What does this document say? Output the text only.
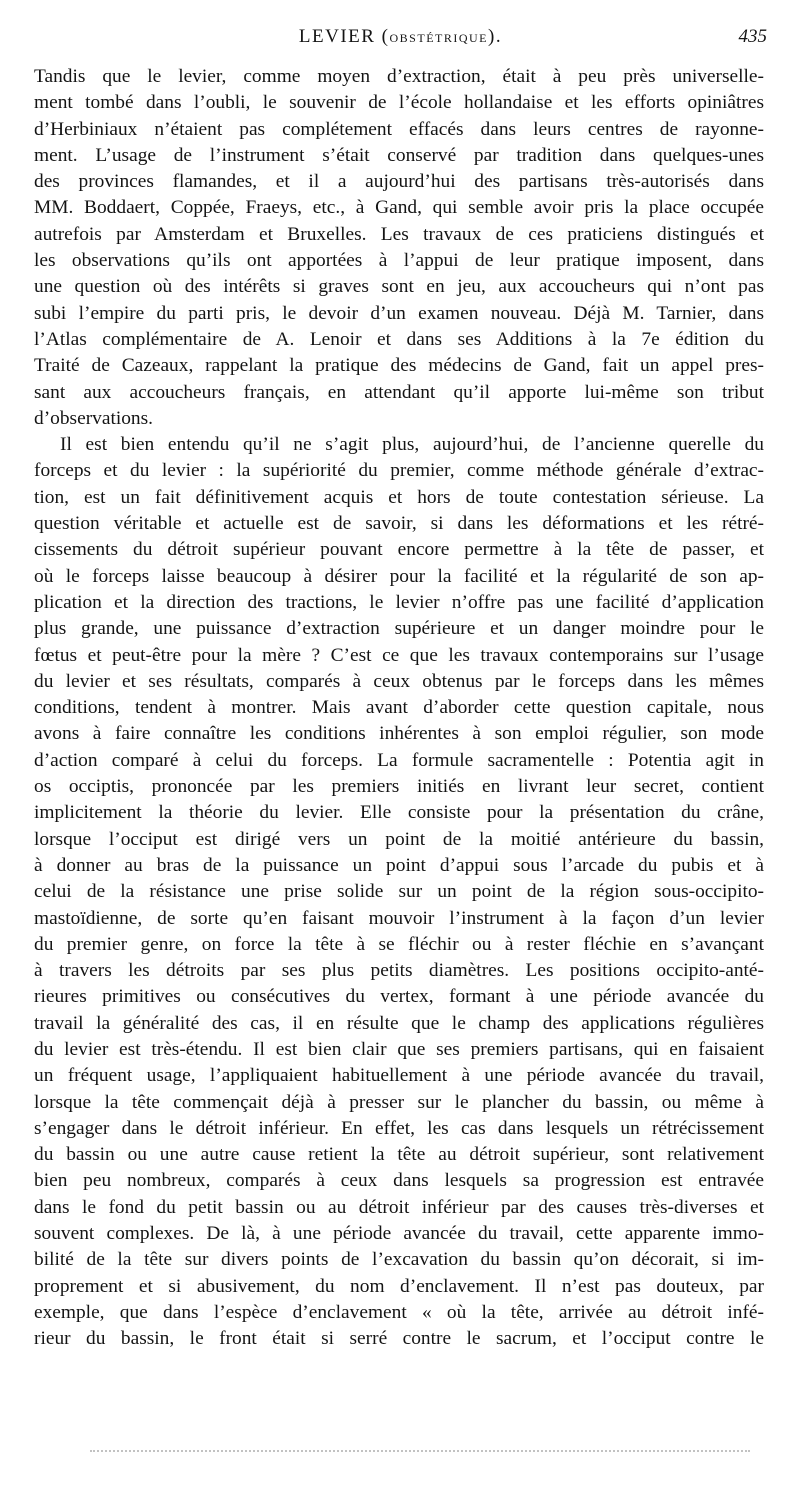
LEVIER (OBSTÉTRIQUE).	435
Tandis que le levier, comme moyen d’extraction, était à peu près universelle-
ment tombé dans l’oubli, le souvenir de l’école hollandaise et les efforts opiniâtres
d’Herbiniaux n’étaient pas complétement effacés dans leurs centres de rayonne-
ment. L’usage de l’instrument s’était conservé par tradition dans quelques-unes
des provinces flamandes, et il a aujourd’hui des partisans très-autorisés dans
MM. Boddaert, Coppée, Fraeys, etc., à Gand, qui semble avoir pris la place occupée
autrefois par Amsterdam et Bruxelles. Les travaux de ces praticiens distingués et
les observations qu’ils ont apportées à l’appui de leur pratique imposent, dans
une question où des intérêts si graves sont en jeu, aux accoucheurs qui n’ont pas
subi l’empire du parti pris, le devoir d’un examen nouveau. Déjà M. Tarnier, dans
l’Atlas complémentaire de A. Lenoir et dans ses Additions à la 7e édition du
Traité de Cazeaux, rappelant la pratique des médecins de Gand, fait un appel pres-
sant aux accoucheurs français, en attendant qu’il apporte lui-même son tribut
d’observations.
Il est bien entendu qu’il ne s’agit plus, aujourd’hui, de l’ancienne querelle du
forceps et du levier : la supériorité du premier, comme méthode générale d’extrac-
tion, est un fait définitivement acquis et hors de toute contestation sérieuse. La
question véritable et actuelle est de savoir, si dans les déformations et les rétré-
cissements du détroit supérieur pouvant encore permettre à la tête de passer, et
où le forceps laisse beaucoup à désirer pour la facilité et la régularité de son ap-
plication et la direction des tractions, le levier n’offre pas une facilité d’application
plus grande, une puissance d’extraction supérieure et un danger moindre pour le
fœtus et peut-être pour la mère ? C’est ce que les travaux contemporains sur l’usage
du levier et ses résultats, comparés à ceux obtenus par le forceps dans les mêmes
conditions, tendent à montrer. Mais avant d’aborder cette question capitale, nous
avons à faire connaître les conditions inhérentes à son emploi régulier, son mode
d’action comparé à celui du forceps. La formule sacramentelle : Potentia agit in
os occiptis, prononcée par les premiers initiés en livrant leur secret, contient
implicitement la théorie du levier. Elle consiste pour la présentation du crâne,
lorsque l’occiput est dirigé vers un point de la moitié antérieure du bassin,
à donner au bras de la puissance un point d’appui sous l’arcade du pubis et à
celui de la résistance une prise solide sur un point de la région sous-occipito-
mastoïdienne, de sorte qu’en faisant mouvoir l’instrument à la façon d’un levier
du premier genre, on force la tête à se fléchir ou à rester fléchie en s’avançant
à travers les détroits par ses plus petits diamètres. Les positions occipito-anté-
rieures primitives ou consécutives du vertex, formant à une période avancée du
travail la généralité des cas, il en résulte que le champ des applications régulières
du levier est très-étendu. Il est bien clair que ses premiers partisans, qui en faisaient
un fréquent usage, l’appliquaient habituellement à une période avancée du travail,
lorsque la tête commençait déjà à presser sur le plancher du bassin, ou même à
s’engager dans le détroit inférieur. En effet, les cas dans lesquels un rétrécissement
du bassin ou une autre cause retient la tête au détroit supérieur, sont relativement
bien peu nombreux, comparés à ceux dans lesquels sa progression est entravée
dans le fond du petit bassin ou au détroit inférieur par des causes très-diverses et
souvent complexes. De là, à une période avancée du travail, cette apparente immo-
bilité de la tête sur divers points de l’excavation du bassin qu’on décorait, si im-
proprement et si abusivement, du nom d’enclavement. Il n’est pas douteux, par
exemple, que dans l’espèce d’enclavement « où la tête, arrivée au détroit infé-
rieur du bassin, le front était si serré contre le sacrum, et l’occiput contre le
